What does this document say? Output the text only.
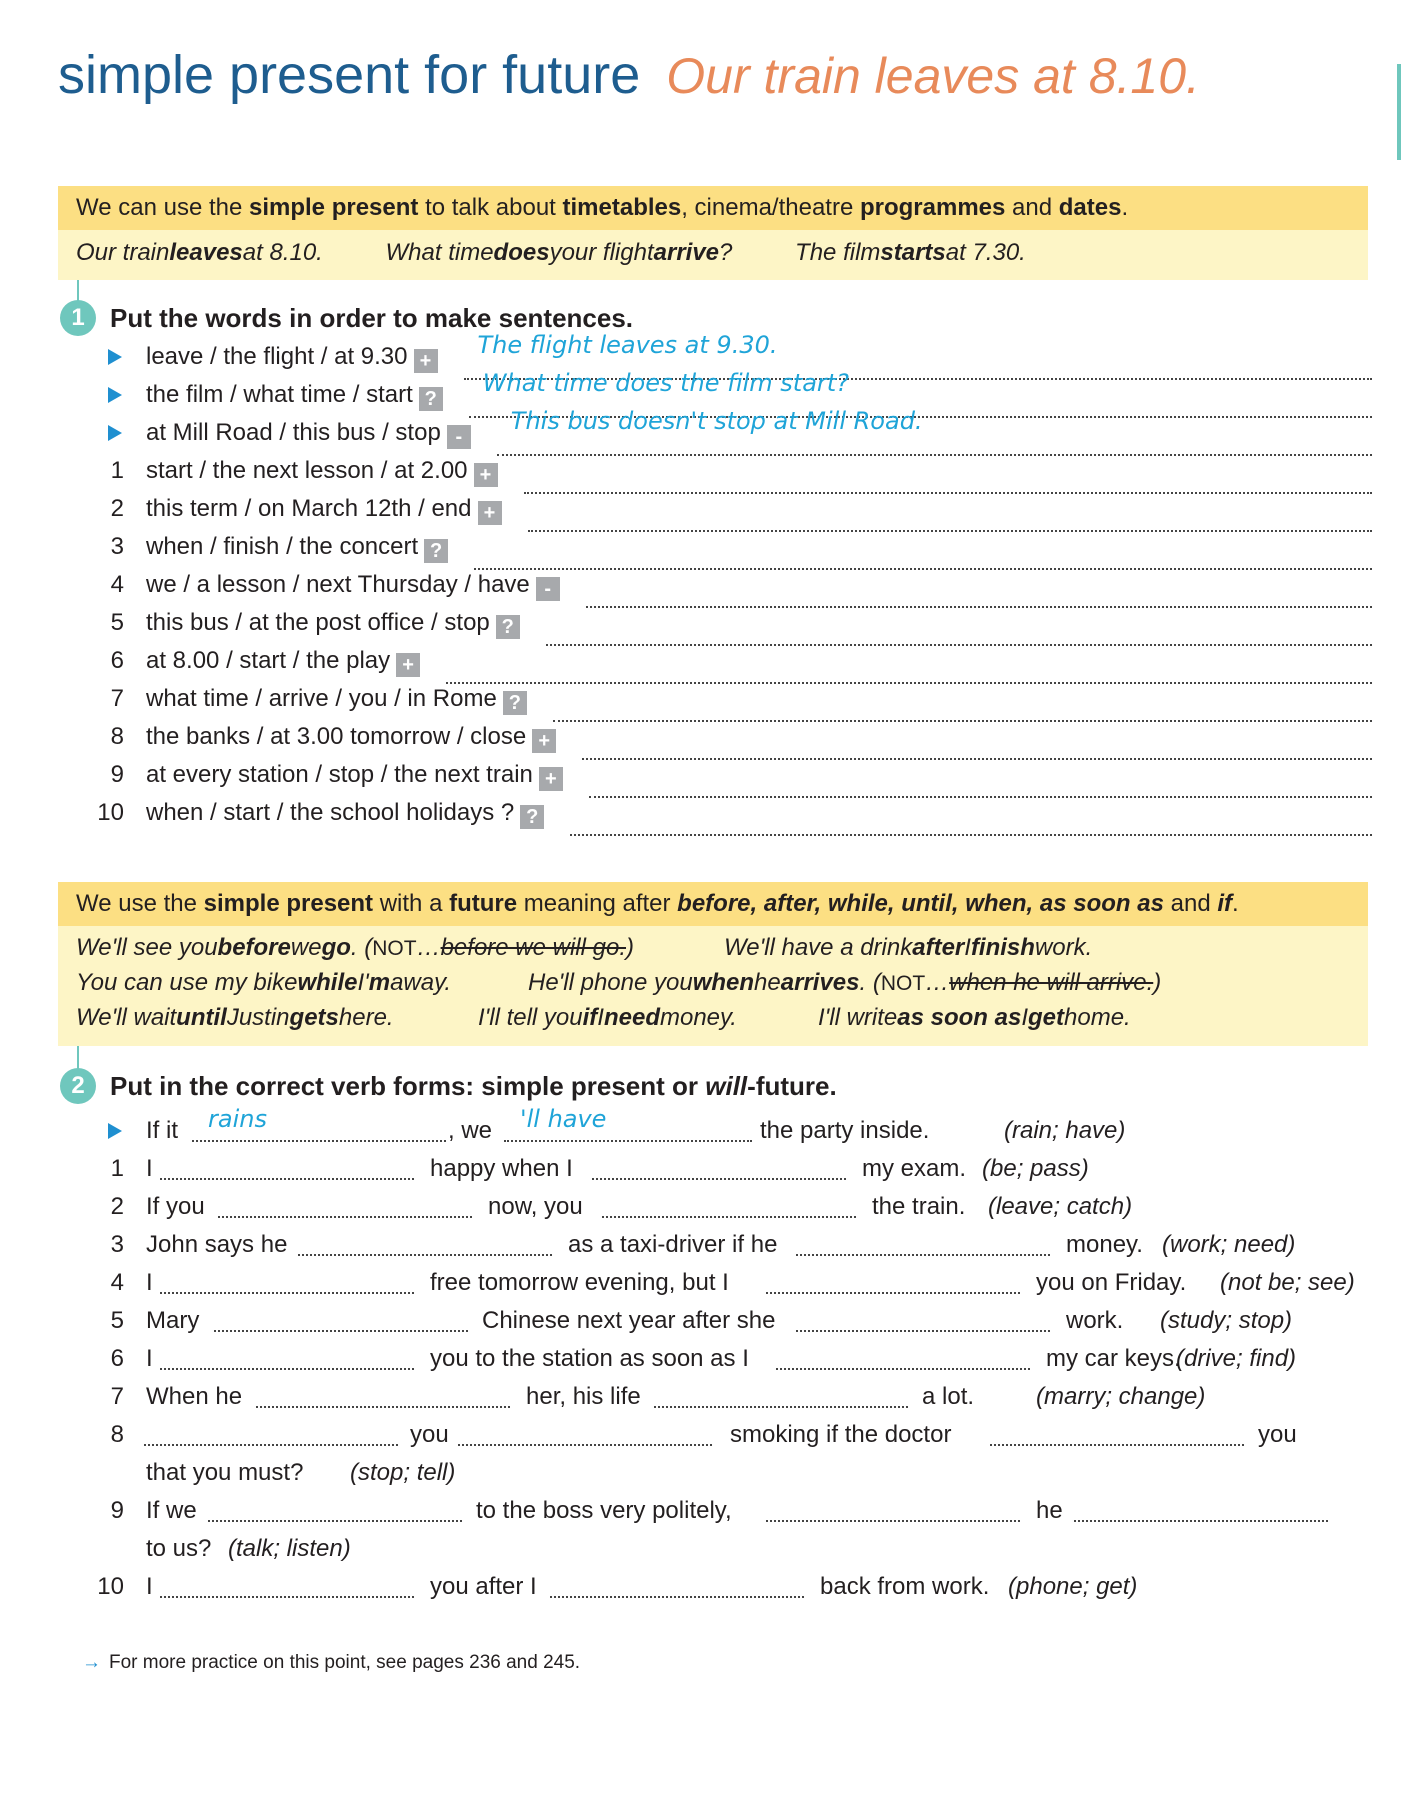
simple present for future Our train leaves at 8.10.
We can use the simple present to talk about timetables, cinema/theatre programmes and dates.
Our trainleavesat 8.10.	What timedoesyour flightarrive?	The filmstartsat 7.30.
1 Put the words in order to make sentences.
leave / the flight / at 9.30 +
The flight leaves at 9.30.
the film / what time / start ?
What time does the film start?
at Mill Road / this bus / stop -
This bus doesn't stop at Mill Road.
1 start / the next lesson / at 2.00 +
2 this term / on March 12th / end +
3 when / finish / the concert ?
4 we / a lesson / next Thursday / have -
5 this bus / at the post office / stop ?
6 at 8.00 / start / the play +
7 what time / arrive / you / in Rome ?
8 the banks / at 3.00 tomorrow / close +
9 at every station / stop / the next train +
10 when / start / the school holidays ? ?
We use the simple present with a future meaning after before, after, while, until, when, as soon as and if.
We'll see youbeforewego. (NOT…before we will go.)	We'll have a drinkafterIfinishwork.
You can use my bikewhileI'maway.	He'll phone youwhenhearrives. (NOT…when he will arrive.)
We'll waituntilJustingetshere.	I'll tell youifIneedmoney.	I'll writeas soon asIgethome.
2 Put in the correct verb forms: simple present or will-future.
If it rains	, we 'll have	the party inside.	(rain; have)
1 I	happy when I	my exam. (be; pass)
2 If you	now, you	the train. (leave; catch)
3 John says he	as a taxi-driver if he	money. (work; need)
4 I	free tomorrow evening, but I	you on Friday. (not be; see)
5 Mary	Chinese next year after she	work. (study; stop)
6 I	you to the station as soon as I	my car keys.
(drive; find)
7 When he	her, his life	a lot.	(marry; change)
8	you	smoking if the doctor	you
that you must? (stop; tell)
9 If we	to the boss very politely,	he
to us? (talk; listen)
10 I	you after I	back from work. (phone; get)
→ For more practice on this point, see pages 236 and 245.
